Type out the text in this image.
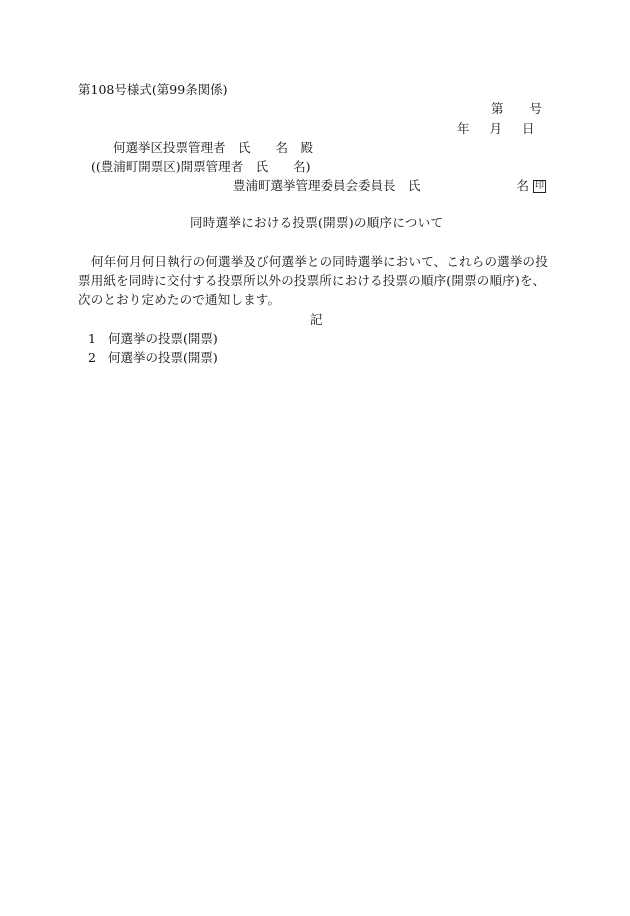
第108号様式(第99条関係)
第 号
年 月 日
何選挙区投票管理者　氏　　名　殿
((豊浦町開票区)開票管理者　氏　　名)
豊浦町選挙管理委員会委員長　氏	名 印
同時選挙における投票(開票)の順序について
何年何月何日執行の何選挙及び何選挙との同時選挙において、これらの選挙の投票用紙を同時に交付する投票所以外の投票所における投票の順序(開票の順序)を、次のとおり定めたので通知します。
記
1 何選挙の投票(開票)
2 何選挙の投票(開票)
